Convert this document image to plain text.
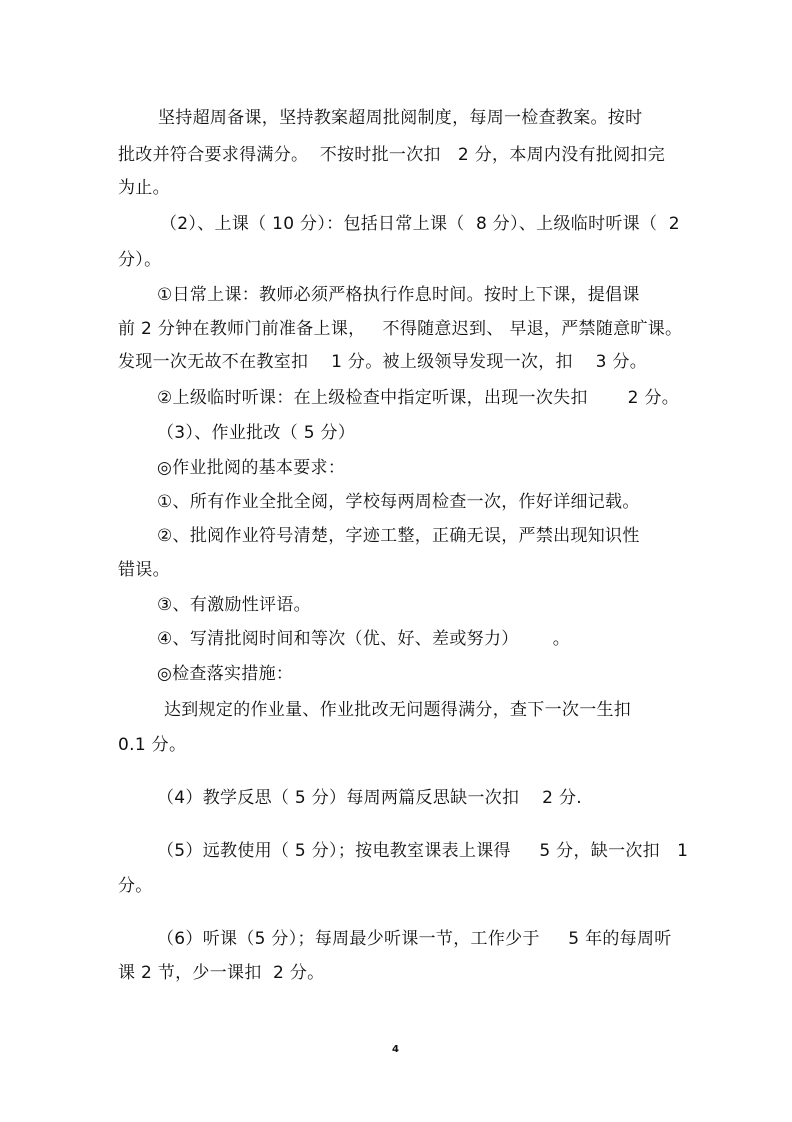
坚持超周备课，坚持教案超周批阅制度，每周一检查教案。按时
批改并符合要求得满分。  不按时批一次扣   2 分，本周内没有批阅扣完
为止。
（2）、上课（ 10 分）：包括日常上课（  8 分）、上级临时听课（  2
分）。
①日常上课：教师必须严格执行作息时间。按时上下课，提倡课
前 2 分钟在教师门前准备上课，   不得随意迟到、 早退，严禁随意旷课。
发现一次无故不在教室扣    1 分。被上级领导发现一次，扣    3 分。
②上级临时听课：在上级检查中指定听课，出现一次失扣       2 分。
（3）、作业批改（ 5 分）
◎作业批阅的基本要求：
①、所有作业全批全阅，学校每两周检查一次，作好详细记载。
②、批阅作业符号清楚，字迹工整，正确无误，严禁出现知识性
错误。
③、有激励性评语。
④、写清批阅时间和等次（优、好、差或努力）      。
◎检查落实措施：
达到规定的作业量、作业批改无问题得满分，查下一次一生扣
0.1 分。
（4）教学反思（ 5 分）每周两篇反思缺一次扣    2 分.
（5）远教使用（ 5 分）；按电教室课表上课得     5 分，缺一次扣   1
分。
（6）听课（5 分）；每周最少听课一节，工作少于     5 年的每周听
课 2 节，少一课扣  2 分。
4
